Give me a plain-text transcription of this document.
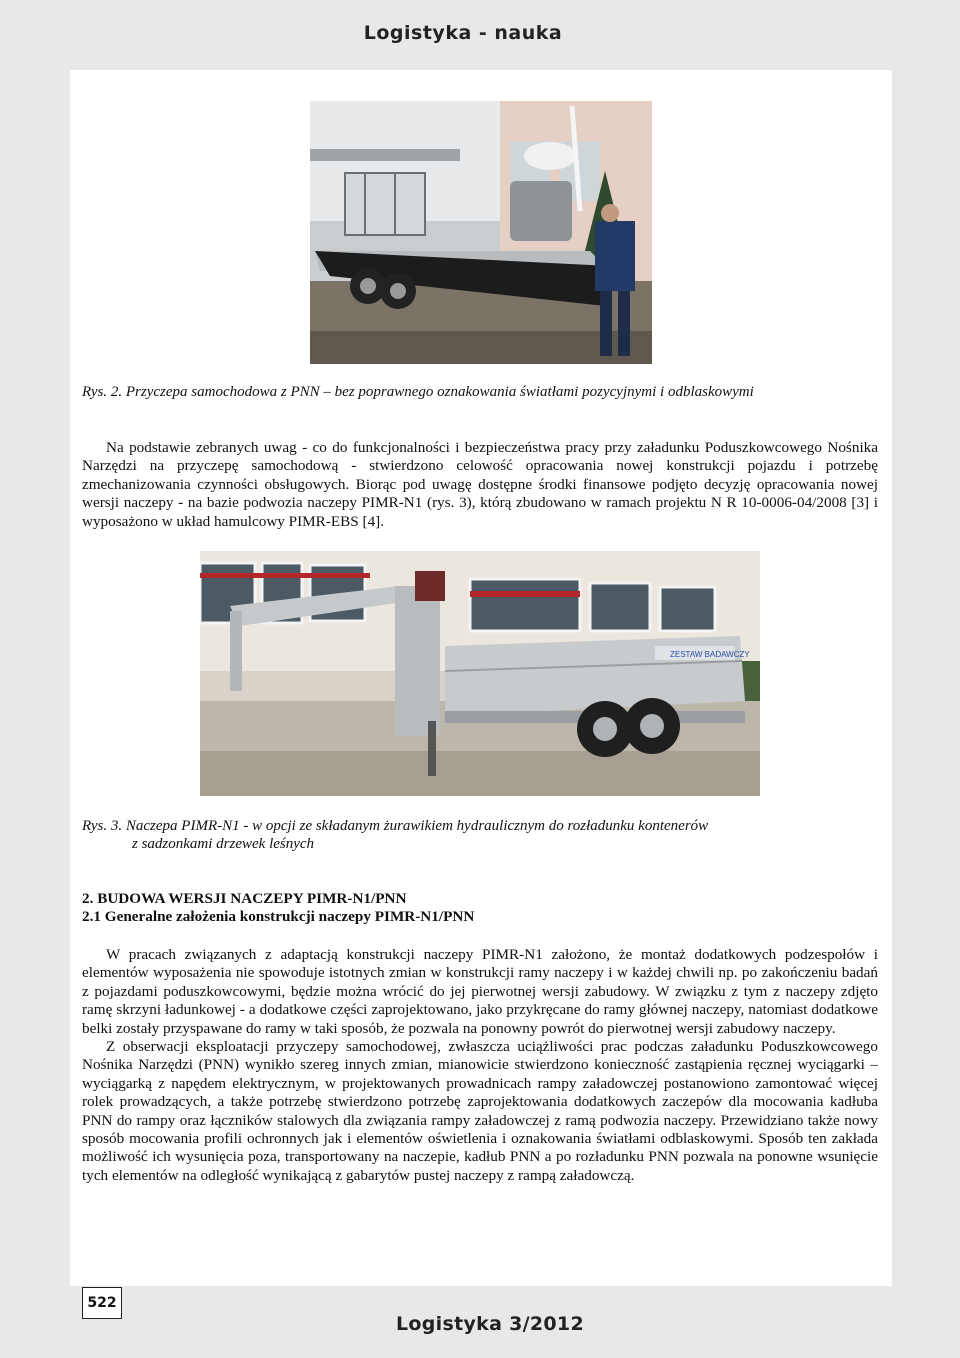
Logistyka - nauka
Rys. 2. Przyczepa samochodowa z PNN – bez poprawnego oznakowania światłami pozycyjnymi i odblaskowymi

Na podstawie zebranych uwag - co do funkcjonalności i bezpieczeństwa pracy przy załadunku Poduszkowcowego Nośnika Narzędzi na przyczepę samochodową - stwierdzono celowość opracowania nowej konstrukcji pojazdu i potrzebę zmechanizowania czynności obsługowych. Biorąc pod uwagę dostępne środki finansowe podjęto decyzję opracowania nowej wersji naczepy - na bazie podwozia naczepy PIMR-N1 (rys. 3), którą zbudowano w ramach projektu N R 10-0006-04/2008 [3] i wyposażono w układ hamulcowy PIMR-EBS [4].

ZESTAW BADAWCZY
Rys. 3. Naczepa PIMR-N1 - w opcji ze składanym żurawikiem hydraulicznym do rozładunku kontenerów
z sadzonkami drzewek leśnych
2. BUDOWA WERSJI NACZEPY PIMR-N1/PNN
2.1 Generalne założenia konstrukcji naczepy PIMR-N1/PNN

W pracach związanych z adaptacją konstrukcji naczepy PIMR-N1 założono, że montaż dodatkowych podzespołów i elementów wyposażenia nie spowoduje istotnych zmian w konstrukcji ramy naczepy i w każdej chwili np. po zakończeniu badań z pojazdami poduszkowcowymi, będzie można wrócić do jej pierwotnej wersji zabudowy. W związku z tym z naczepy zdjęto ramę skrzyni ładunkowej - a dodatkowe części zaprojektowano, jako przykręcane do ramy głównej naczepy, natomiast dodatkowe belki zostały przyspawane do ramy w taki sposób, że pozwala na ponowny powrót do pierwotnej wersji zabudowy naczepy.

Z obserwacji eksploatacji przyczepy samochodowej, zwłaszcza uciążliwości prac podczas załadunku Poduszkowcowego Nośnika Narzędzi (PNN) wynikło szereg innych zmian, mianowicie stwierdzono konieczność zastąpienia ręcznej wyciągarki – wyciągarką z napędem elektrycznym, w projektowanych prowadnicach rampy załadowczej postanowiono zamontować więcej rolek prowadzących, a także potrzebę stwierdzono potrzebę zaprojektowania dodatkowych zaczepów dla mocowania kadłuba PNN do rampy oraz łączników stalowych dla związania rampy załadowczej z ramą podwozia naczepy. Przewidziano także nowy sposób mocowania profili ochronnych jak i elementów oświetlenia i oznakowania światłami odblaskowymi. Sposób ten zakłada możliwość ich wysunięcia poza, transportowany na naczepie, kadłub PNN a po rozładunku PNN pozwala na ponowne wsunięcie tych elementów na odległość wynikającą z gabarytów pustej naczepy z rampą załadowczą.

522
Logistyka 3/2012
